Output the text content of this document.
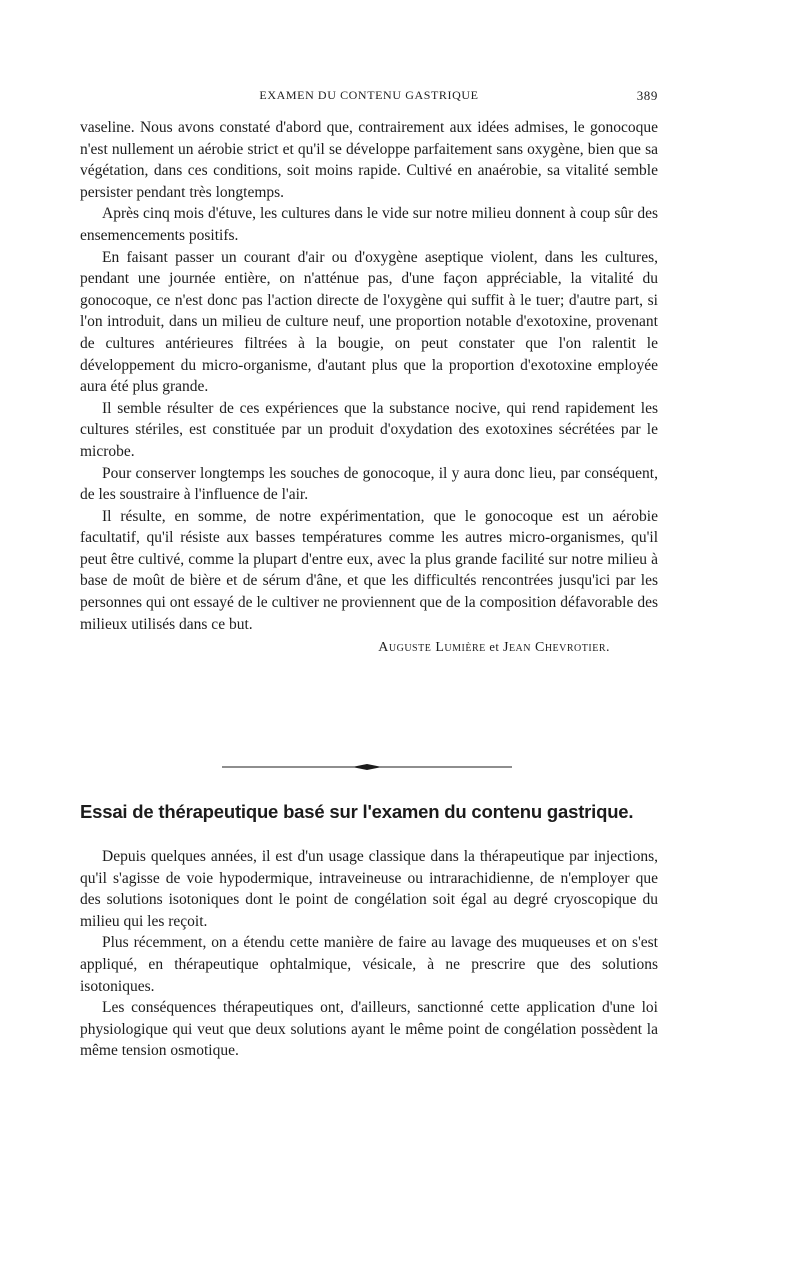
EXAMEN DU CONTENU GASTRIQUE	389

vaseline. Nous avons constaté d'abord que, contrairement aux idées admises, le gonocoque n'est nullement un aérobie strict et qu'il se développe parfaitement sans oxygène, bien que sa végétation, dans ces conditions, soit moins rapide. Cultivé en anaérobie, sa vitalité semble persister pendant très longtemps.

Après cinq mois d'étuve, les cultures dans le vide sur notre milieu donnent à coup sûr des ensemencements positifs.

En faisant passer un courant d'air ou d'oxygène aseptique violent, dans les cultures, pendant une journée entière, on n'atténue pas, d'une façon appréciable, la vitalité du gonocoque, ce n'est donc pas l'action directe de l'oxygène qui suffit à le tuer; d'autre part, si l'on introduit, dans un milieu de culture neuf, une proportion notable d'exotoxine, provenant de cultures antérieures filtrées à la bougie, on peut constater que l'on ralentit le développement du micro-organisme, d'autant plus que la proportion d'exotoxine employée aura été plus grande.

Il semble résulter de ces expériences que la substance nocive, qui rend rapidement les cultures stériles, est constituée par un produit d'oxydation des exotoxines sécrétées par le microbe.

Pour conserver longtemps les souches de gonocoque, il y aura donc lieu, par conséquent, de les soustraire à l'influence de l'air.

Il résulte, en somme, de notre expérimentation, que le gonocoque est un aérobie facultatif, qu'il résiste aux basses températures comme les autres micro-organismes, qu'il peut être cultivé, comme la plupart d'entre eux, avec la plus grande facilité sur notre milieu à base de moût de bière et de sérum d'âne, et que les difficultés rencontrées jusqu'ici par les personnes qui ont essayé de le cultiver ne proviennent que de la composition défavorable des milieux utilisés dans ce but.

Auguste Lumière et Jean Chevrotier.
Essai de thérapeutique basé sur l'examen du contenu gastrique.

Depuis quelques années, il est d'un usage classique dans la thérapeutique par injections, qu'il s'agisse de voie hypodermique, intraveineuse ou intrarachidienne, de n'employer que des solutions isotoniques dont le point de congélation soit égal au degré cryoscopique du milieu qui les reçoit.

Plus récemment, on a étendu cette manière de faire au lavage des muqueuses et on s'est appliqué, en thérapeutique ophtalmique, vésicale, à ne prescrire que des solutions isotoniques.

Les conséquences thérapeutiques ont, d'ailleurs, sanctionné cette application d'une loi physiologique qui veut que deux solutions ayant le même point de congélation possèdent la même tension osmotique.
